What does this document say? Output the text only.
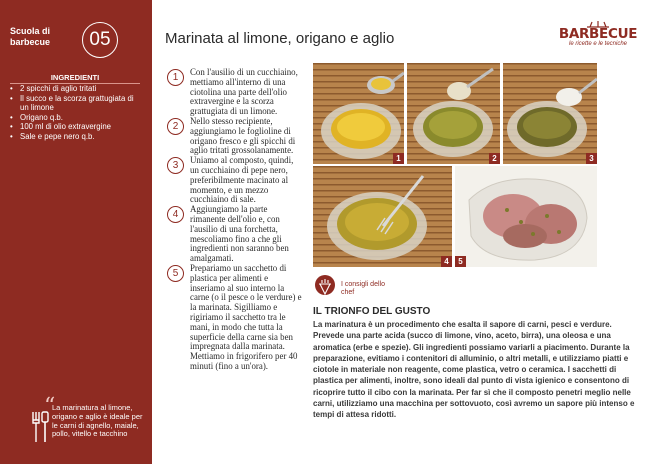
Scuola di barbecue	05
INGREDIENTI
• 2 spicchi di aglio tritati
• Il succo e la scorza grattugiata di un limone
• Origano q.b.
• 100 ml di olio extravergine
• Sale e pepe nero q.b.
“
La marinatura al limone, origano e aglio è ideale per le carni di agnello, maiale, pollo, vitello e tacchino
Marinata al limone, origano e aglio	BARBECUE
le ricette e le tecniche
1	Con l'ausilio di un cucchiaino, mettiamo all'interno di una ciotolina una parte dell'olio extravergine e la scorza grattugiata di un limone.
2	Nello stesso recipiente, aggiungiamo le foglioline di origano fresco e gli spicchi di aglio tritati grossolanamente.
3	Uniamo al composto, quindi, un cucchiaino di pepe nero, preferibilmente macinato al momento, e un mezzo cucchiaino di sale.
4	Aggiungiamo la parte rimanente dell'olio e, con l'ausilio di una forchetta, mescoliamo fino a che gli ingredienti non saranno ben amalgamati.
5	Prepariamo un sacchetto di plastica per alimenti e inseriamo al suo interno la carne (o il pesce o le verdure) e la marinata. Sigilliamo e rigiriamo il sacchetto tra le mani, in modo che tutta la superficie della carne sia ben impregnata dalla marinata. Mettiamo in frigorifero per 40 minuti (fino a un'ora).
1	2	3
4	5
I consigli dello chef
IL TRIONFO DEL GUSTO
La marinatura è un procedimento che esalta il sapore di carni, pesci e verdure. Prevede una parte acida (succo di limone, vino, aceto, birra), una oleosa e una aromatica (erbe e spezie). Gli ingredienti possiamo variarli a piacimento. Durante la preparazione, evitiamo i contenitori di alluminio, o altri metalli, e utilizziamo piatti e ciotole in materiale non reagente, come plastica, vetro o ceramica. I sacchetti di plastica per alimenti, inoltre, sono ideali dal punto di vista igienico e consentono di ricoprire tutto il cibo con la marinata. Per far sì che il composto penetri meglio nelle carni, utilizziamo una macchina per sottovuoto, così avremo un sapore più intenso e tempi di attesa ridotti.
